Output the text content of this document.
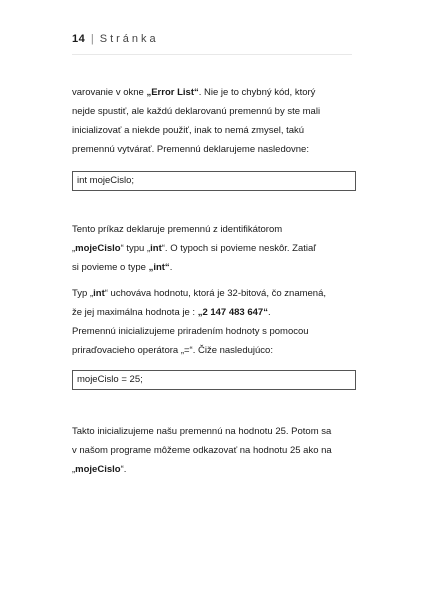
14 | Stránka
varovanie v okne „Error List“. Nie je to chybný kód, ktorý
nejde spustiť, ale každú deklarovanú premennú by ste mali
inicializovať a niekde použiť, inak to nemá zmysel, takú
premennú vytvárať. Premennú deklarujeme nasledovne:
int mojeCislo;
Tento príkaz deklaruje premennú z identifikátorom
„mojeCislo“ typu „int“. O typoch si povieme neskôr. Zatiaľ
si povieme o type „int“.
Typ „int“ uchováva hodnotu, ktorá je 32-bitová, čo znamená,
že jej maximálna hodnota je : „2 147 483 647“.
Premennú inicializujeme priradením hodnoty s pomocou
priraďovacieho operátora „=“. Čiže nasledujúco:
mojeCislo = 25;
Takto inicializujeme našu premennú na hodnotu 25. Potom sa
v našom programe môžeme odkazovať na hodnotu 25 ako na
„mojeCislo“.
